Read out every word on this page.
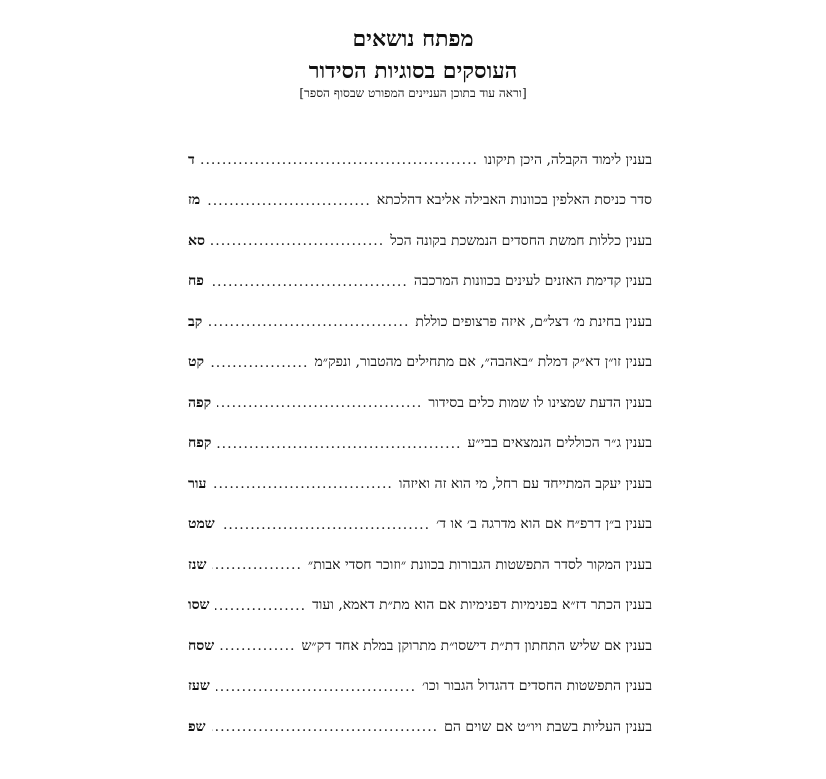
מפתח נושאים
העוסקים בסוגיות הסידור
[וראה עוד בתוכן העניינים המפורט שבסוף הספר]
בענין לימוד הקבלה, היכן תיקונו
.....
ד
סדר כניסת האלפין בכוונות האבילה אליבא דהלכתא
.....
מז
בענין כללות חמשת החסדים הנמשכת בקונה הכל
.....
סא
בענין קדימת האזנים לעינים בכוונות המרכבה
.....
פח
בענין בחינת מ׳ דצל״ם, איזה פרצופים כוללת
.....
קב
בענין זו״ן דא״ק דמלת ״באהבה״, אם מתחילים מהטבור, ונפק״מ
.....
קט
בענין הדעת שמצינו לו שמות כלים בסידור
.....
קפה
בענין ג״ר הכוללים הנמצאים בבי״ע
.....
קפח
בענין יעקב המתייחד עם רחל, מי הוא זה ואיזהו
.....
עור
בענין ב״ן דרפ״ח אם הוא מדרגה ב׳ או ד׳
.....
שמט
בענין המקור לסדר התפשטות הגבורות בכוונת ״וזוכר חסדי אבות״
.....
שנז
בענין הכתר דז״א בפנימיות דפנימיות אם הוא מת״ת דאמא, ועוד
.....
שסו
בענין אם שליש התחתון דת״ת דישסו״ת מתרוקן במלת אחד דק״ש
.....
שסח
בענין התפשטות החסדים דהגדול הגבור וכו׳
.....
שעז
בענין העליות בשבת ויו״ט אם שוים הם
.....
שפ
